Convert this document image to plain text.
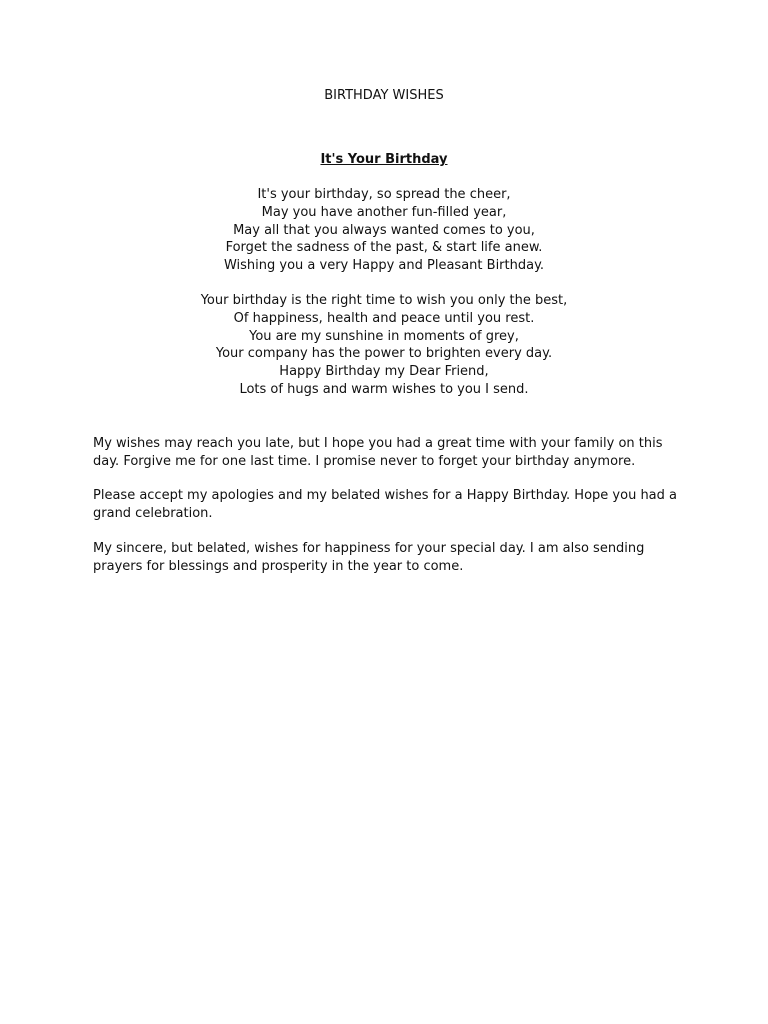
BIRTHDAY WISHES
It's Your Birthday
It's your birthday, so spread the cheer,
May you have another fun-filled year,
May all that you always wanted comes to you,
Forget the sadness of the past, & start life anew.
Wishing you a very Happy and Pleasant Birthday.
Your birthday is the right time to wish you only the best,
Of happiness, health and peace until you rest.
You are my sunshine in moments of grey,
Your company has the power to brighten every day.
Happy Birthday my Dear Friend,
Lots of hugs and warm wishes to you I send.

My wishes may reach you late, but I hope you had a great time with your family on this day. Forgive me for one last time. I promise never to forget your birthday anymore.

Please accept my apologies and my belated wishes for a Happy Birthday. Hope you had a grand celebration.

My sincere, but belated, wishes for happiness for your special day. I am also sending prayers for blessings and prosperity in the year to come.
